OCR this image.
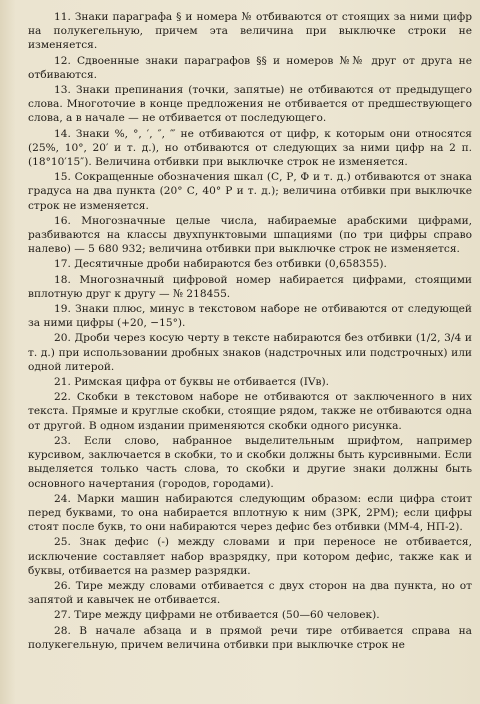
11. Знаки параграфа § и номера № отбиваются от стоящих за ними цифр на полукегельную, причем эта величина при выключке строки не изменяется.

12. Сдвоенные знаки параграфов §§ и номеров №№ друг от друга не отбиваются.

13. Знаки препинания (точки, запятые) не отбиваются от предыдущего слова. Многоточие в конце предложения не отбивается от предшествующего слова, а в начале — не отбивается от последующего.

14. Знаки %, °, ′, ″, ‴ не отбиваются от цифр, к которым они относятся (25%, 10°, 20′ и т. д.), но отбиваются от следующих за ними цифр на 2 п. (18°10′15″). Величина отбивки при выключке строк не изменяется.

15. Сокращенные обозначения шкал (С, Р, Ф и т. д.) отбиваются от знака градуса на два пункта (20° С, 40° Р и т. д.); величина отбивки при выключке строк не изменяется.

16. Многозначные целые числа, набираемые арабскими цифрами, разбиваются на классы двухпунктовыми шпациями (по три цифры справо налево) — 5 680 932; величина отбивки при выключке строк не изменяется.

17. Десятичные дроби набираются без отбивки (0,658355).

18. Многозначный цифровой номер набирается цифрами, стоящими вплотную друг к другу — № 218455.

19. Знаки плюс, минус в текстовом наборе не отбиваются от следующей за ними цифры (+20, −15°).

20. Дроби через косую черту в тексте набираются без отбивки (1/2, 3/4 и т. д.) при использовании дробных знаков (надстрочных или подстрочных) или одной литерой.

21. Римская цифра от буквы не отбивается (IVв).

22. Скобки в текстовом наборе не отбиваются от заключенного в них текста. Прямые и круглые скобки, стоящие рядом, также не отбиваются одна от другой. В одном издании применяются скобки одного рисунка.

23. Если слово, набранное выделительным шрифтом, например курсивом, заключается в скобки, то и скобки должны быть курсивными. Если выделяется только часть слова, то скобки и другие знаки должны быть основного начертания (городов, городами).

24. Марки машин набираются следующим образом: если цифра стоит перед буквами, то она набирается вплотную к ним (3РК, 2РМ); если цифры стоят после букв, то они набираются через дефис без отбивки (ММ-4, НП-2).

25. Знак дефис (-) между словами и при переносе не отбивается, исключение составляет набор вразрядку, при котором дефис, также как и буквы, отбивается на размер разрядки.

26. Тире между словами отбивается с двух сторон на два пункта, но от запятой и кавычек не отбивается.

27. Тире между цифрами не отбивается (50—60 человек).

28. В начале абзаца и в прямой речи тире отбивается справа на полукегельную, причем величина отбивки при выключке строк не
